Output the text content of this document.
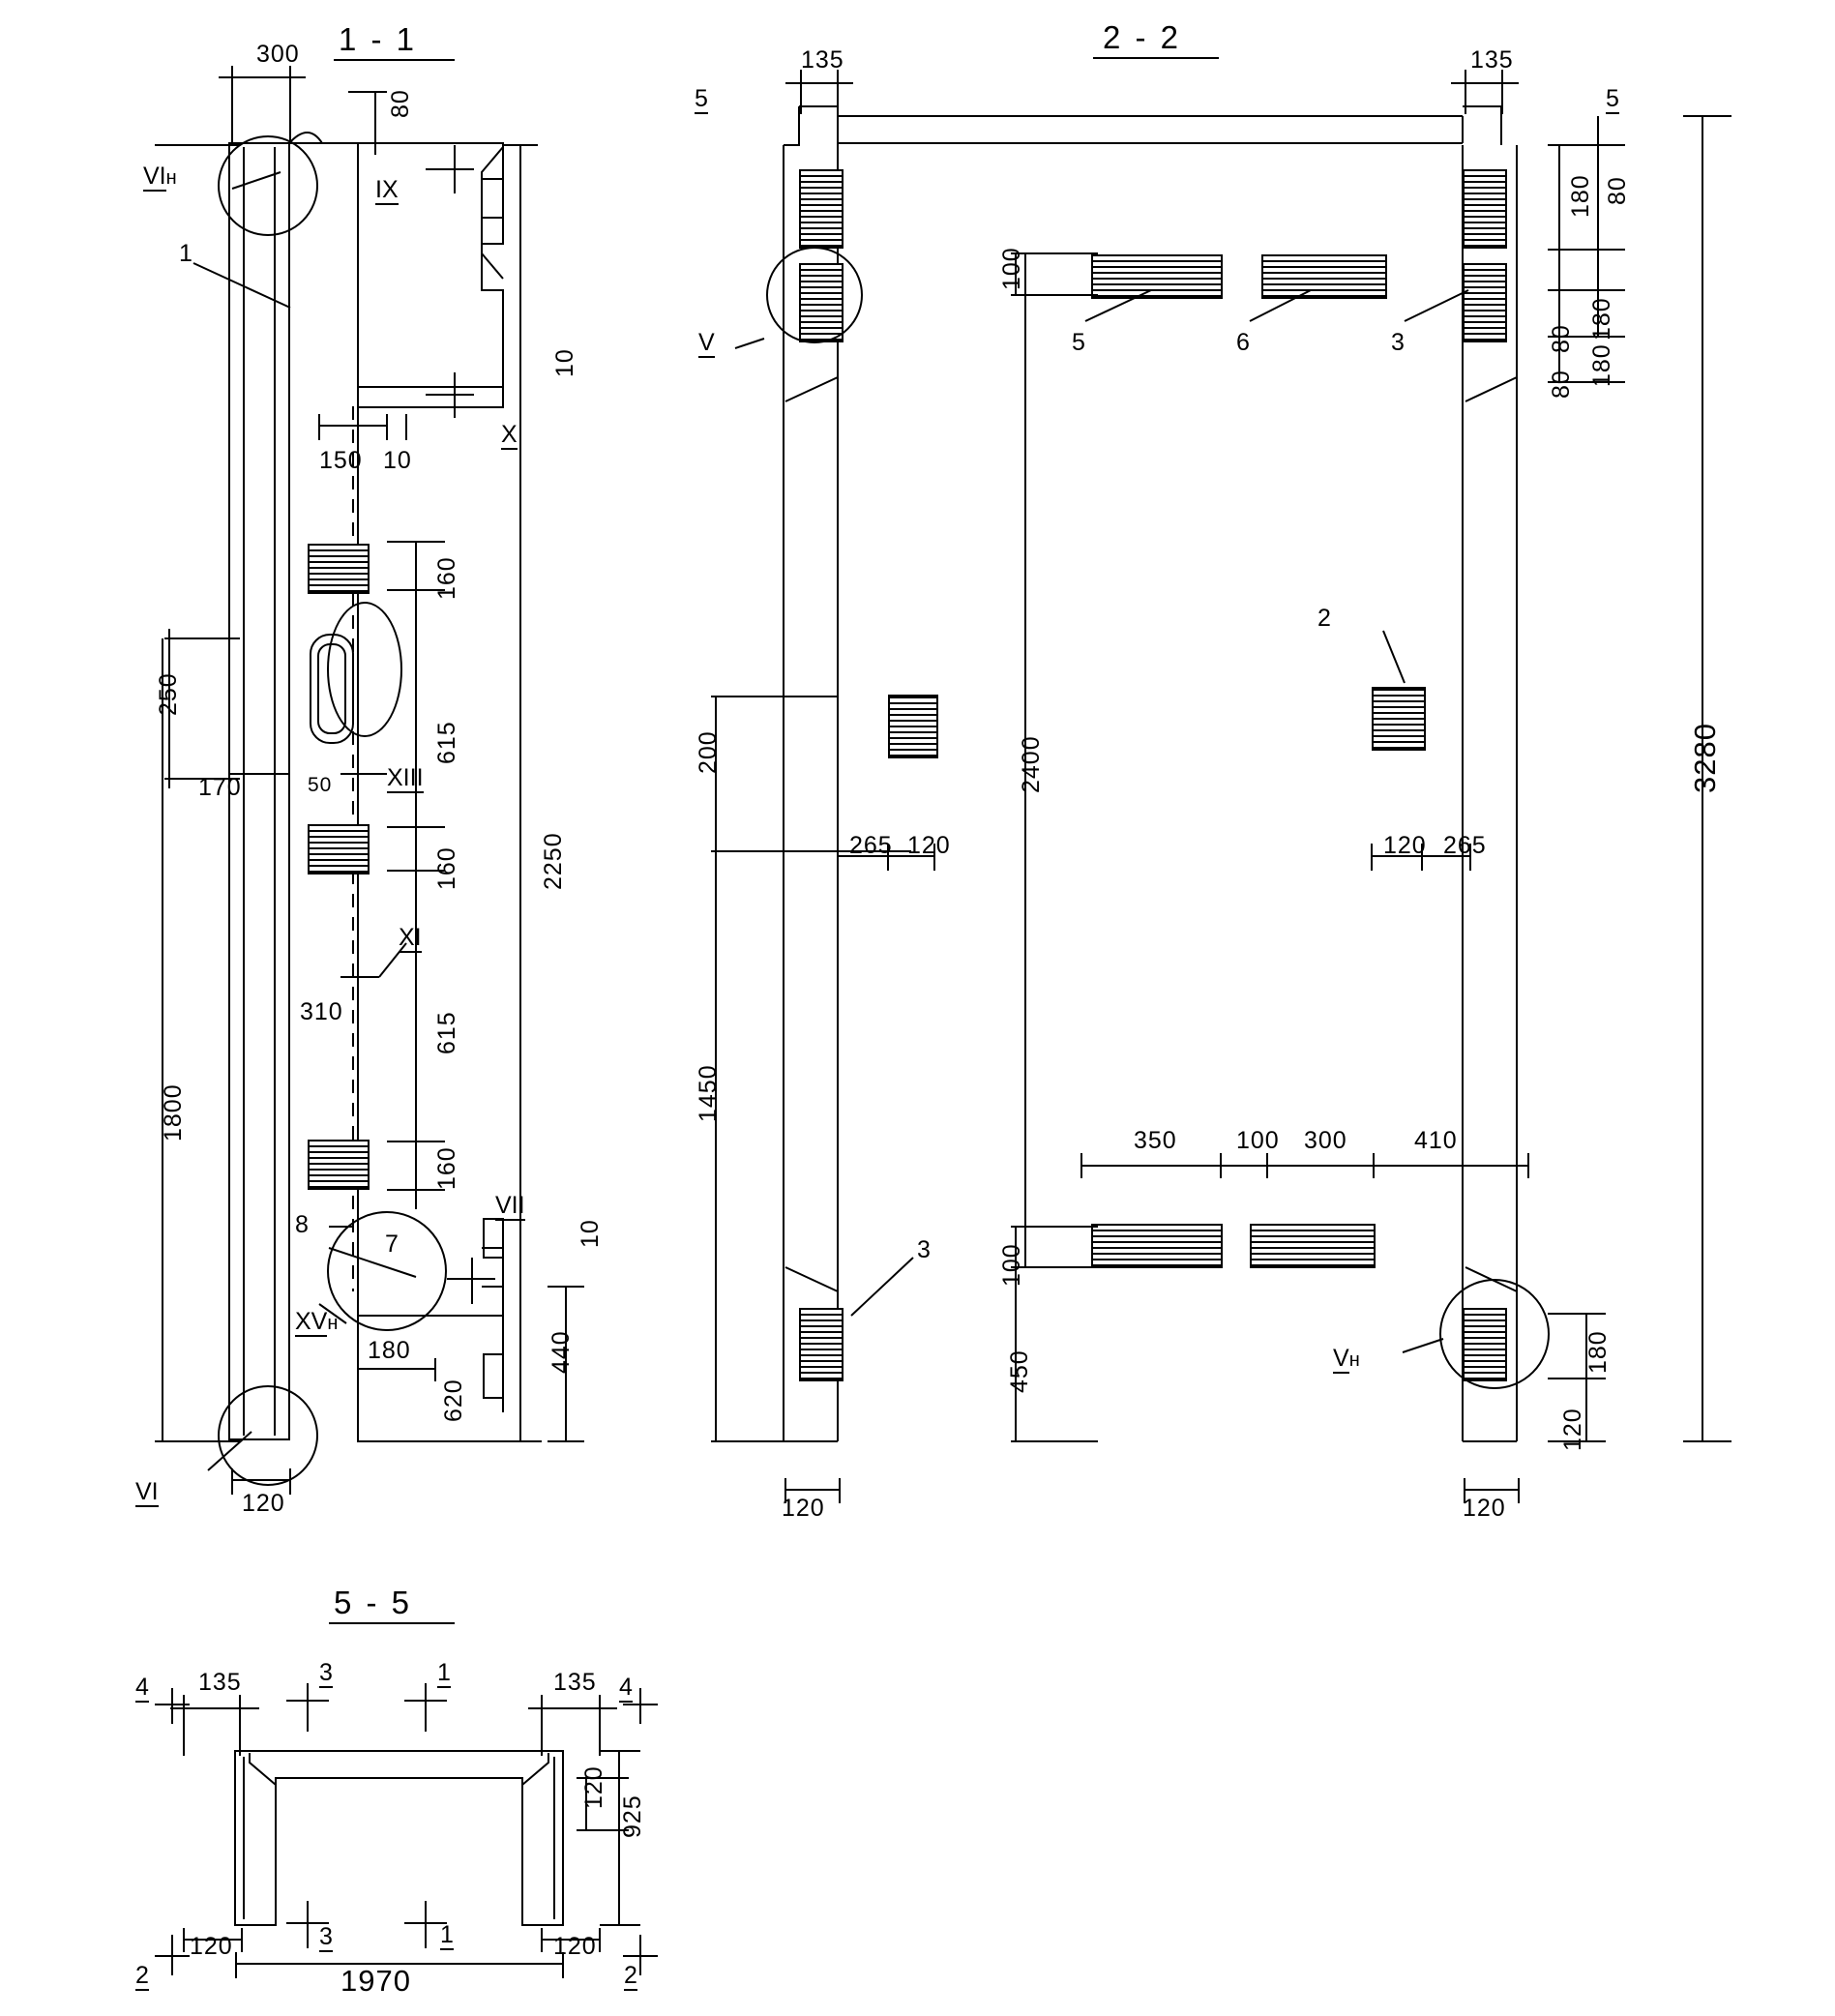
1 - 1
300
80
10
150 10
250
170
1800
310
2250
160
615
160
615
160
50
180
620
440
10
120
VIн	IX
X
XIII
XI
VII
XVн
VI
1
7
8
2 - 2
5	5
V
Vн
5	6	3
2
3
135	135
180 80
80 180
80 180
3280
200
1450
100
2400
100
450
265 120	120 265
350 100 300	410
120	120
180
120
5 - 5
135	135
120	120
120
925
1970
4	4
3	1
3	1
2	2
